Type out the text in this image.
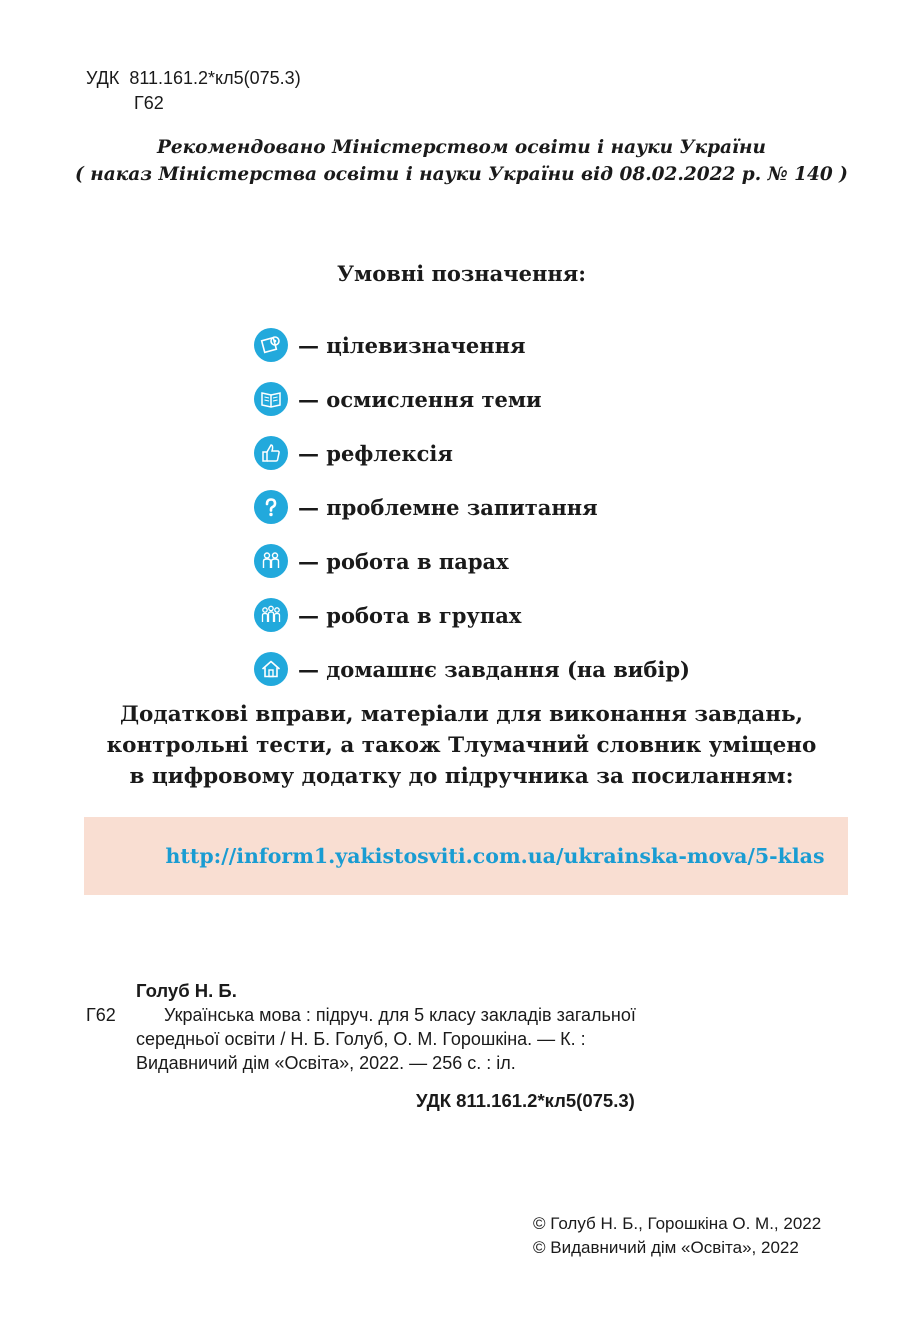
УДК 811.161.2*кл5(075.3)
Г62
Рекомендовано Міністерством освіти і науки України
( наказ Міністерства освіти і науки України від 08.02.2022 р. № 140 )
Умовні позначення:
— цілевизначення
— осмислення теми
— рефлексія
— проблемне запитання
— робота в парах
— робота в групах
— домашнє завдання (на вибір)
Додаткові вправи, матеріали для виконання завдань,
контрольні тести, а також Тлумачний словник уміщено
в цифровому додатку до підручника за посиланням:
http://inform1.yakistosviti.com.ua/ukrainska-mova/5-klas
Голуб Н. Б.
Г62	Українська мова : підруч. для 5 класу закладів загальної
середньої освіти / Н. Б. Голуб, О. М. Горошкіна. — К. :
Видавничий дім «Освіта», 2022. — 256 с. : іл.
УДК 811.161.2*кл5(075.3)
© Голуб Н. Б., Горошкіна О. М., 2022
© Видавничий дім «Освіта», 2022
